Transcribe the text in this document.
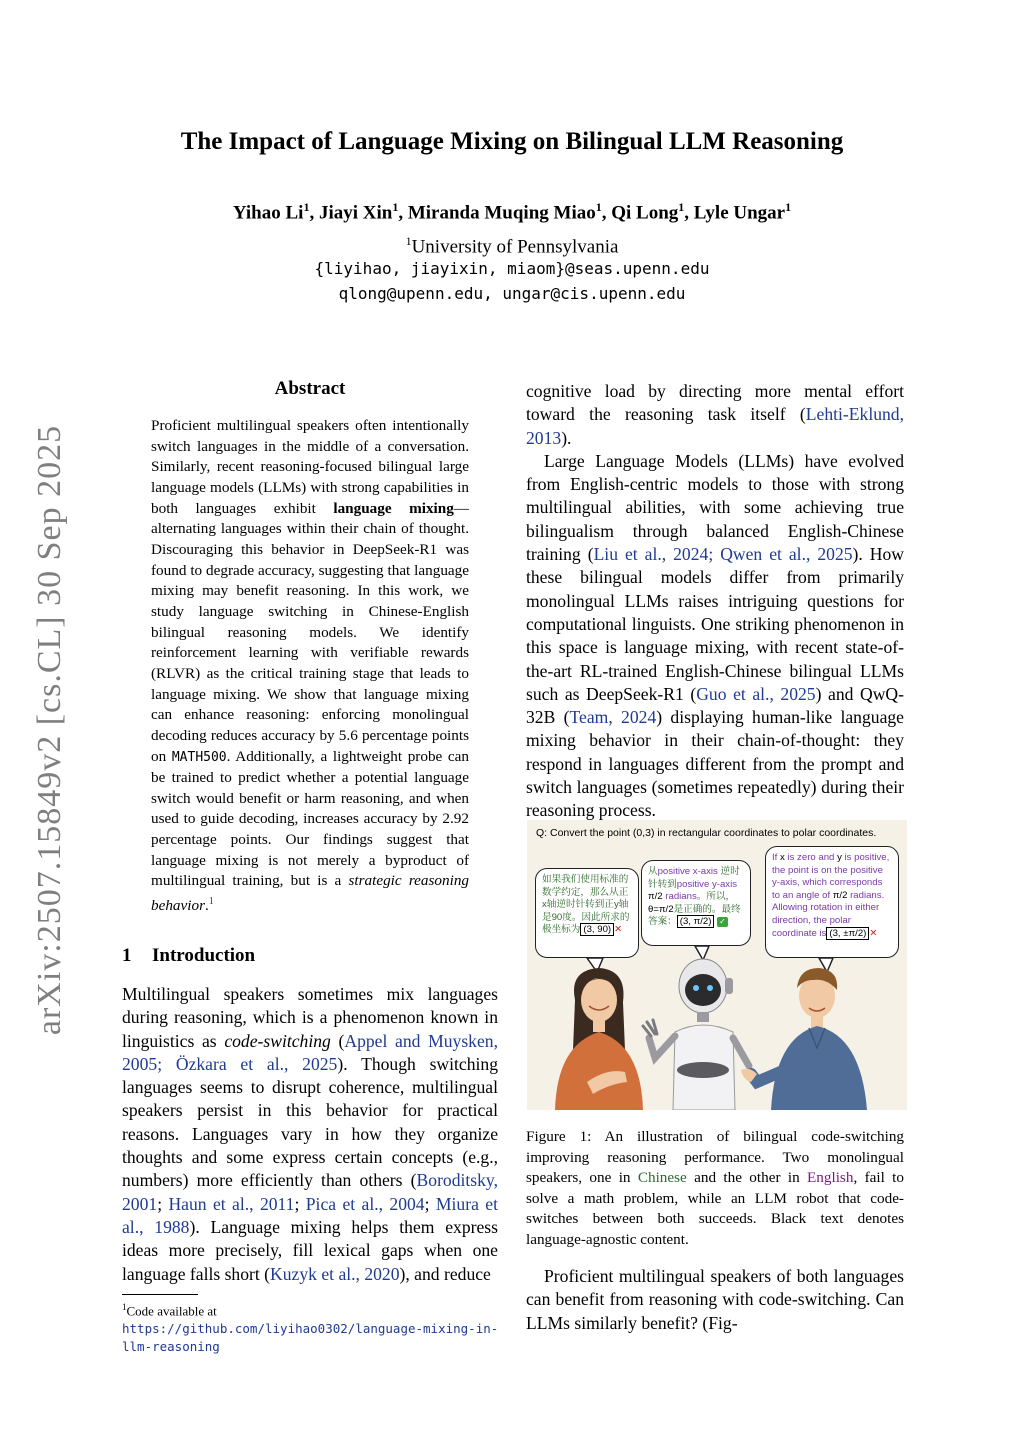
arXiv:2507.15849v2 [cs.CL] 30 Sep 2025
The Impact of Language Mixing on Bilingual LLM Reasoning
Yihao Li$^1$, Jiayi Xin$^1$, Miranda Muqing Miao$^1$, Qi Long$^1$, Lyle Ungar$^1$
$^1$University of Pennsylvania
{liyihao, jiayixin, miaom}@seas.upenn.edu
qlong@upenn.edu, ungar@cis.upenn.edu
Abstract
Proficient multilingual speakers often intentionally switch languages in the middle of a conversation. Similarly, recent reasoning-focused bilingual large language models (LLMs) with strong capabilities in both languages exhibit language mixing—alternating languages within their chain of thought. Discouraging this behavior in DeepSeek-R1 was found to degrade accuracy, suggesting that language mixing may benefit reasoning. In this work, we study language switching in Chinese-English bilingual reasoning models. We identify reinforcement learning with verifiable rewards (RLVR) as the critical training stage that leads to language mixing. We show that language mixing can enhance reasoning: enforcing monolingual decoding reduces accuracy by 5.6 percentage points on MATH500. Additionally, a lightweight probe can be trained to predict whether a potential language switch would benefit or harm reasoning, and when used to guide decoding, increases accuracy by 2.92 percentage points. Our findings suggest that language mixing is not merely a byproduct of multilingual training, but is a strategic reasoning behavior.$^1$
1 Introduction
Multilingual speakers sometimes mix languages during reasoning, which is a phenomenon known in linguistics as code-switching (Appel and Muysken, 2005; Özkara et al., 2025). Though switching languages seems to disrupt coherence, multilingual speakers persist in this behavior for practical reasons. Languages vary in how they organize thoughts and some express certain concepts (e.g., numbers) more efficiently than others (Boroditsky, 2001; Haun et al., 2011; Pica et al., 2004; Miura et al., 1988). Language mixing helps them express ideas more precisely, fill lexical gaps when one language falls short (Kuzyk et al., 2020), and reduce
$^1$Code available at https://github.com/liyihao0302/language-mixing-in-llm-reasoning

cognitive load by directing more mental effort toward the reasoning task itself (Lehti-Eklund, 2013).

Large Language Models (LLMs) have evolved from English-centric models to those with strong multilingual abilities, with some achieving true bilingualism through balanced English-Chinese training (Liu et al., 2024; Qwen et al., 2025). How these bilingual models differ from primarily monolingual LLMs raises intriguing questions for computational linguists. One striking phenomenon in this space is language mixing, with recent state-of-the-art RL-trained English-Chinese bilingual LLMs such as DeepSeek-R1 (Guo et al., 2025) and QwQ-32B (Team, 2024) displaying human-like language mixing behavior in their chain-of-thought: they respond in languages different from the prompt and switch languages (sometimes repeatedly) during their reasoning process.

Q: Convert the point (0,3) in rectangular coordinates to polar coordinates.
如果我们使用标准的数学约定，那么从正x轴逆时针转到正y轴是90度。因此所求的极坐标为 (3, 90) ✕
从positive x-axis 逆时针转到positive y-axis π/2 radians。所以，θ=π/2是正确的。最终答案： (3, π/2) ✓
If x is zero and y is positive, the point is on the positive y-axis, which corresponds to an angle of π/2 radians. Allowing rotation in either direction, the polar coordinate is (3, ±π/2) ✕
Figure 1: An illustration of bilingual code-switching improving reasoning performance. Two monolingual speakers, one in Chinese and the other in English, fail to solve a math problem, while an LLM robot that code-switches between both succeeds. Black text denotes language-agnostic content.

Proficient multilingual speakers of both languages can benefit from reasoning with code-switching. Can LLMs similarly benefit? (Fig-
